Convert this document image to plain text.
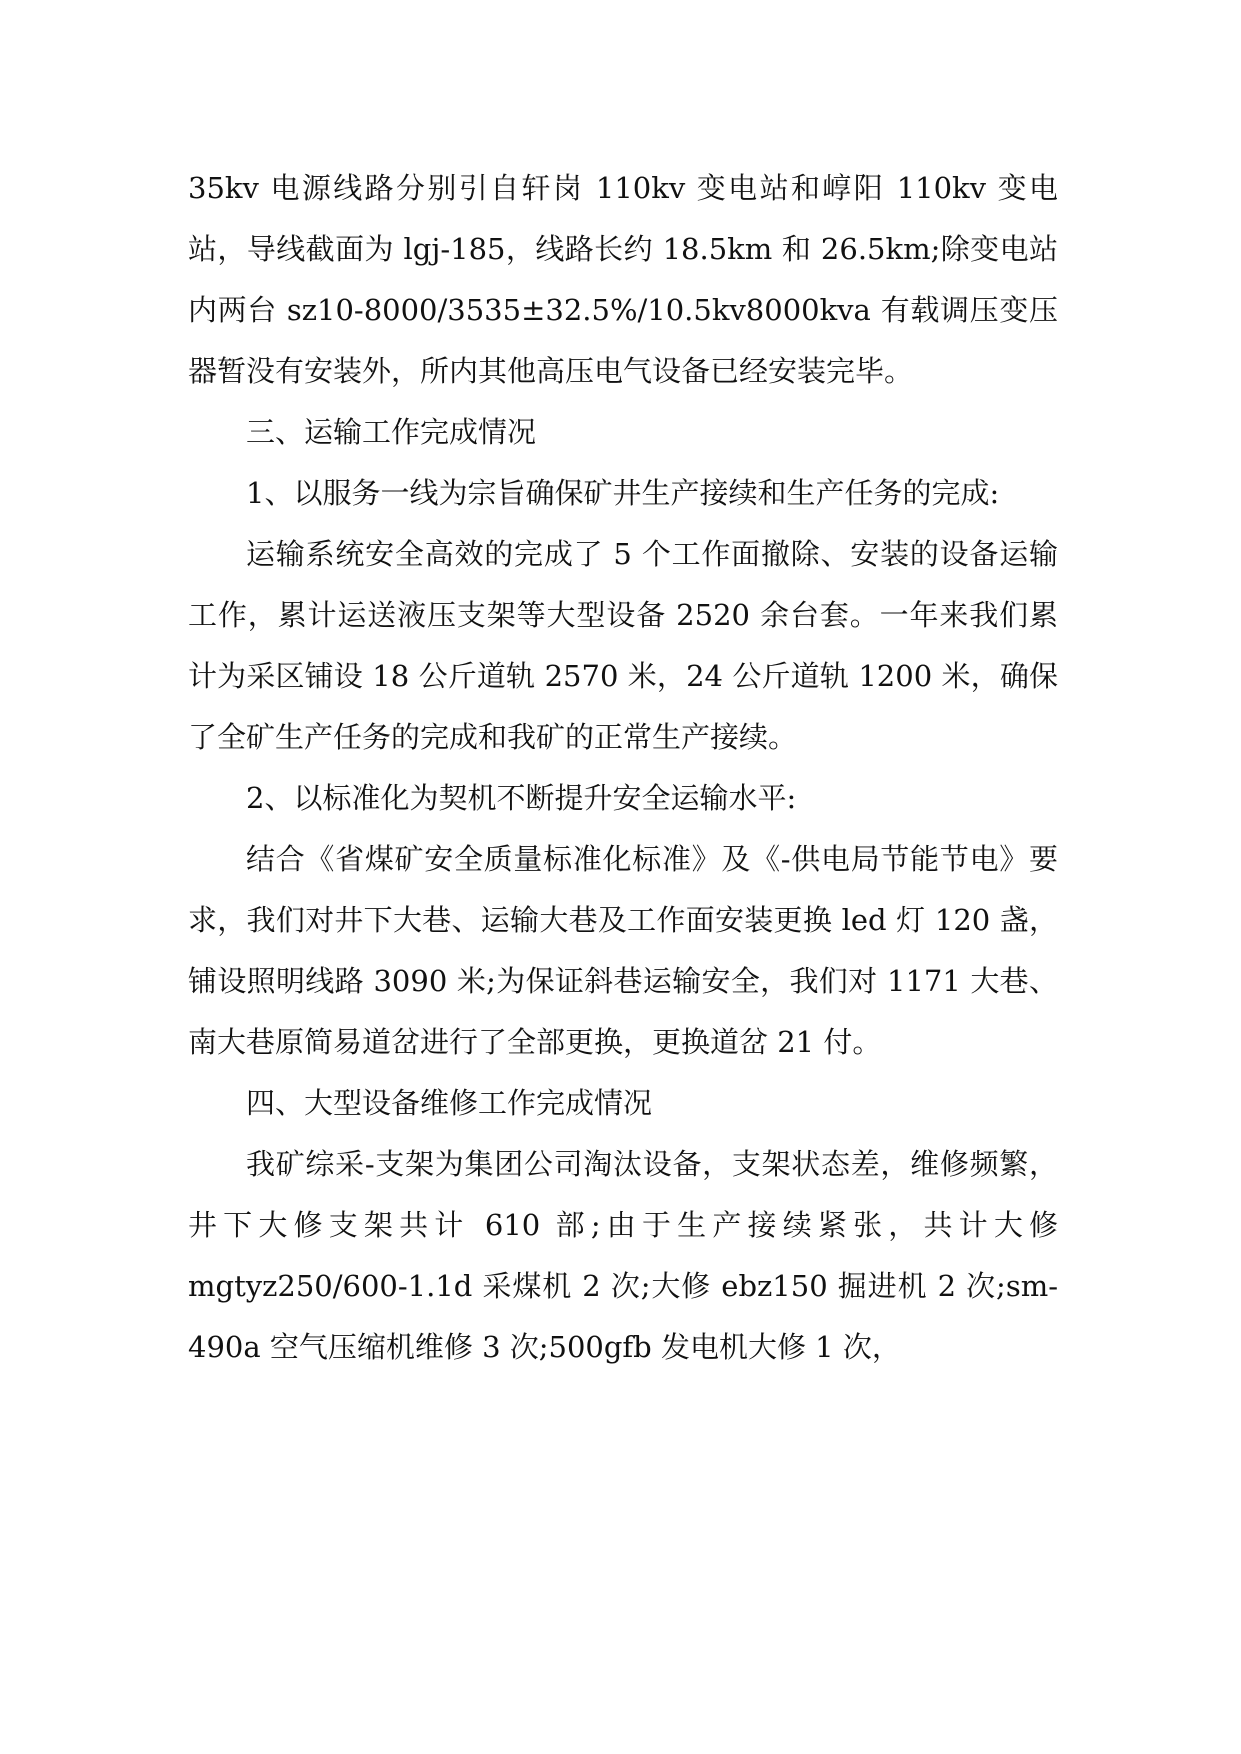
35kv 电源线路分别引自轩岗 110kv 变电站和崞阳 110kv 变电站，导线截面为 lgj-185，线路长约 18.5km 和 26.5km;除变电站内两台 sz10-8000/3535±32.5%/10.5kv8000kva 有载调压变压器暂没有安装外，所内其他高压电气设备已经安装完毕。

三、运输工作完成情况

1、以服务一线为宗旨确保矿井生产接续和生产任务的完成:

运输系统安全高效的完成了 5 个工作面撤除、安装的设备运输工作，累计运送液压支架等大型设备 2520 余台套。一年来我们累计为采区铺设 18 公斤道轨 2570 米，24 公斤道轨 1200 米，确保了全矿生产任务的完成和我矿的正常生产接续。

2、以标准化为契机不断提升安全运输水平:

结合《省煤矿安全质量标准化标准》及《-供电局节能节电》要求，我们对井下大巷、运输大巷及工作面安装更换 led 灯 120 盏，铺设照明线路 3090 米;为保证斜巷运输安全，我们对 1171 大巷、南大巷原简易道岔进行了全部更换，更换道岔 21 付。

四、大型设备维修工作完成情况

我矿综采-支架为集团公司淘汰设备，支架状态差，维修频繁，井下大修支架共计 610 部;由于生产接续紧张，共计大修 mgtyz250/600-1.1d 采煤机 2 次;大修 ebz150 掘进机 2 次;sm-490a 空气压缩机维修 3 次;500gfb 发电机大修 1 次，
